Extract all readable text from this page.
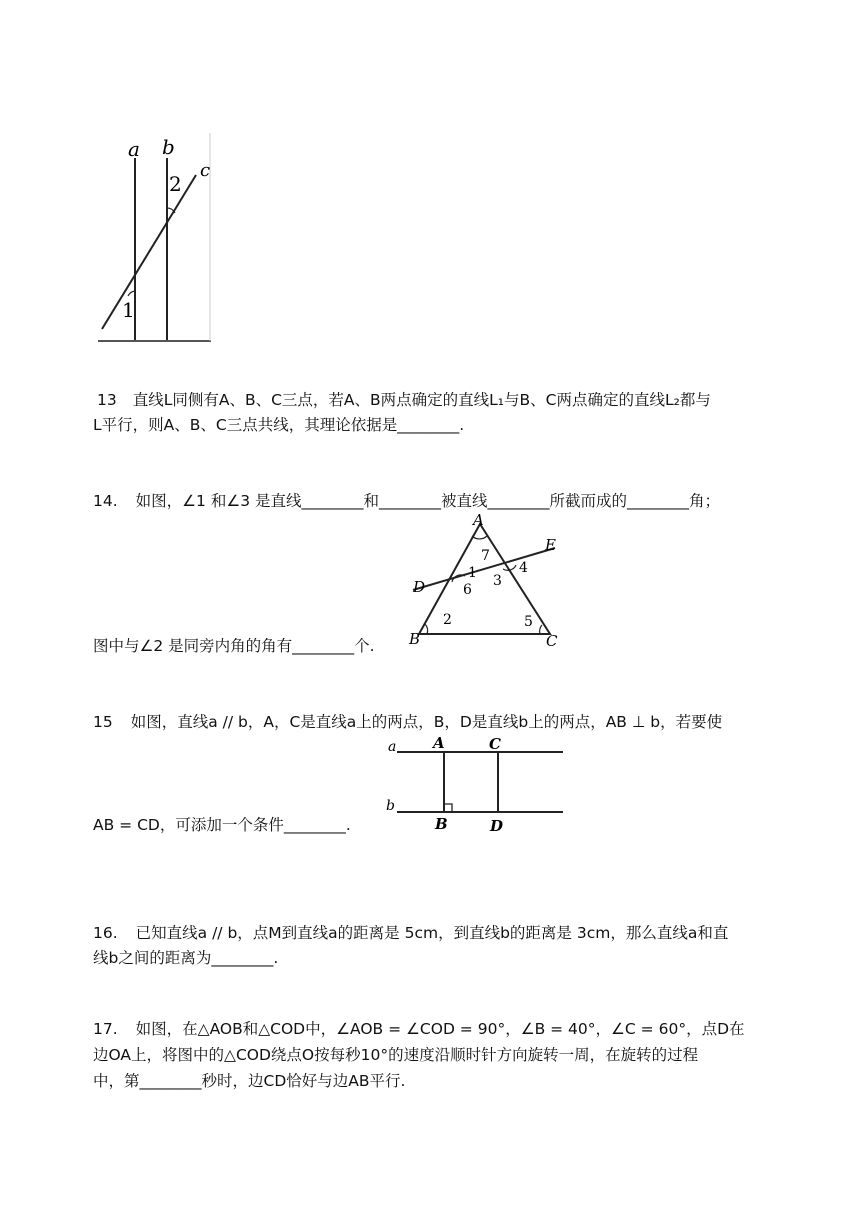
a b
c
1
2
13 直线L同侧有A、B、C三点，若A、B两点确定的直线L₁与B、C两点确定的直线L₂都与
L平行，则A、B、C三点共线，其理论依据是________.
14. 如图，∠1 和∠3 是直线________和________被直线________所截而成的________角；
A
B	C
D
E
1
2
3
4
5
6
7
图中与∠2 是同旁内角的角有________个.
15 如图，直线a // b，A，C是直线a上的两点，B，D是直线b上的两点，AB ⊥ b，若要使
a
b
A	C
B	D
AB = CD，可添加一个条件________.
16. 已知直线a // b，点M到直线a的距离是 5cm，到直线b的距离是 3cm，那么直线a和直
线b之间的距离为________.
17. 如图，在△AOB和△COD中，∠AOB = ∠COD = 90°，∠B = 40°，∠C = 60°，点D在
边OA上，将图中的△COD绕点O按每秒10°的速度沿顺时针方向旋转一周，在旋转的过程
中，第________秒时，边CD恰好与边AB平行.
